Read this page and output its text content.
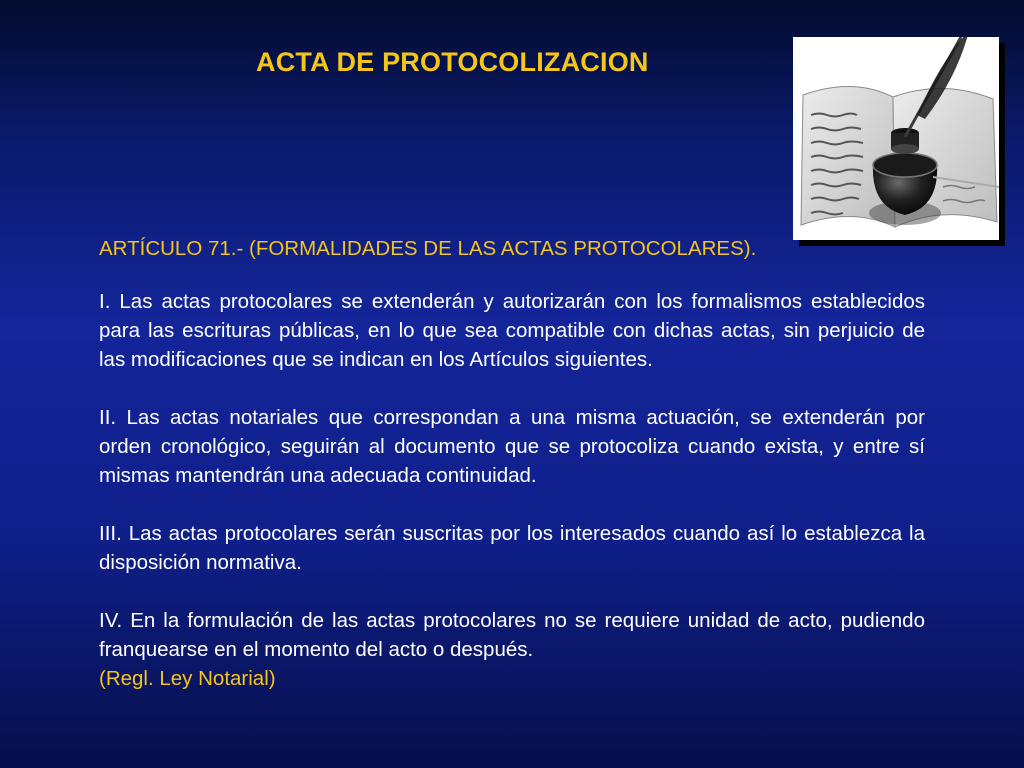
ACTA DE PROTOCOLIZACION

ARTÍCULO 71.- (FORMALIDADES DE LAS ACTAS PROTOCOLARES).

I. Las actas protocolares se extenderán y autorizarán con los formalismos establecidos para las escrituras públicas, en lo que sea compatible con dichas actas, sin perjuicio de las modificaciones que se indican en los Artículos siguientes.

II. Las actas notariales que correspondan a una misma actuación, se extenderán por orden cronológico, seguirán al documento que se protocoliza cuando exista, y entre sí mismas mantendrán una adecuada continuidad.

III. Las actas protocolares serán suscritas por los interesados cuando así lo establezca la disposición normativa.

IV. En la formulación de las actas protocolares no se requiere unidad de acto, pudiendo franquearse en el momento del acto o después.

(Regl. Ley Notarial)
